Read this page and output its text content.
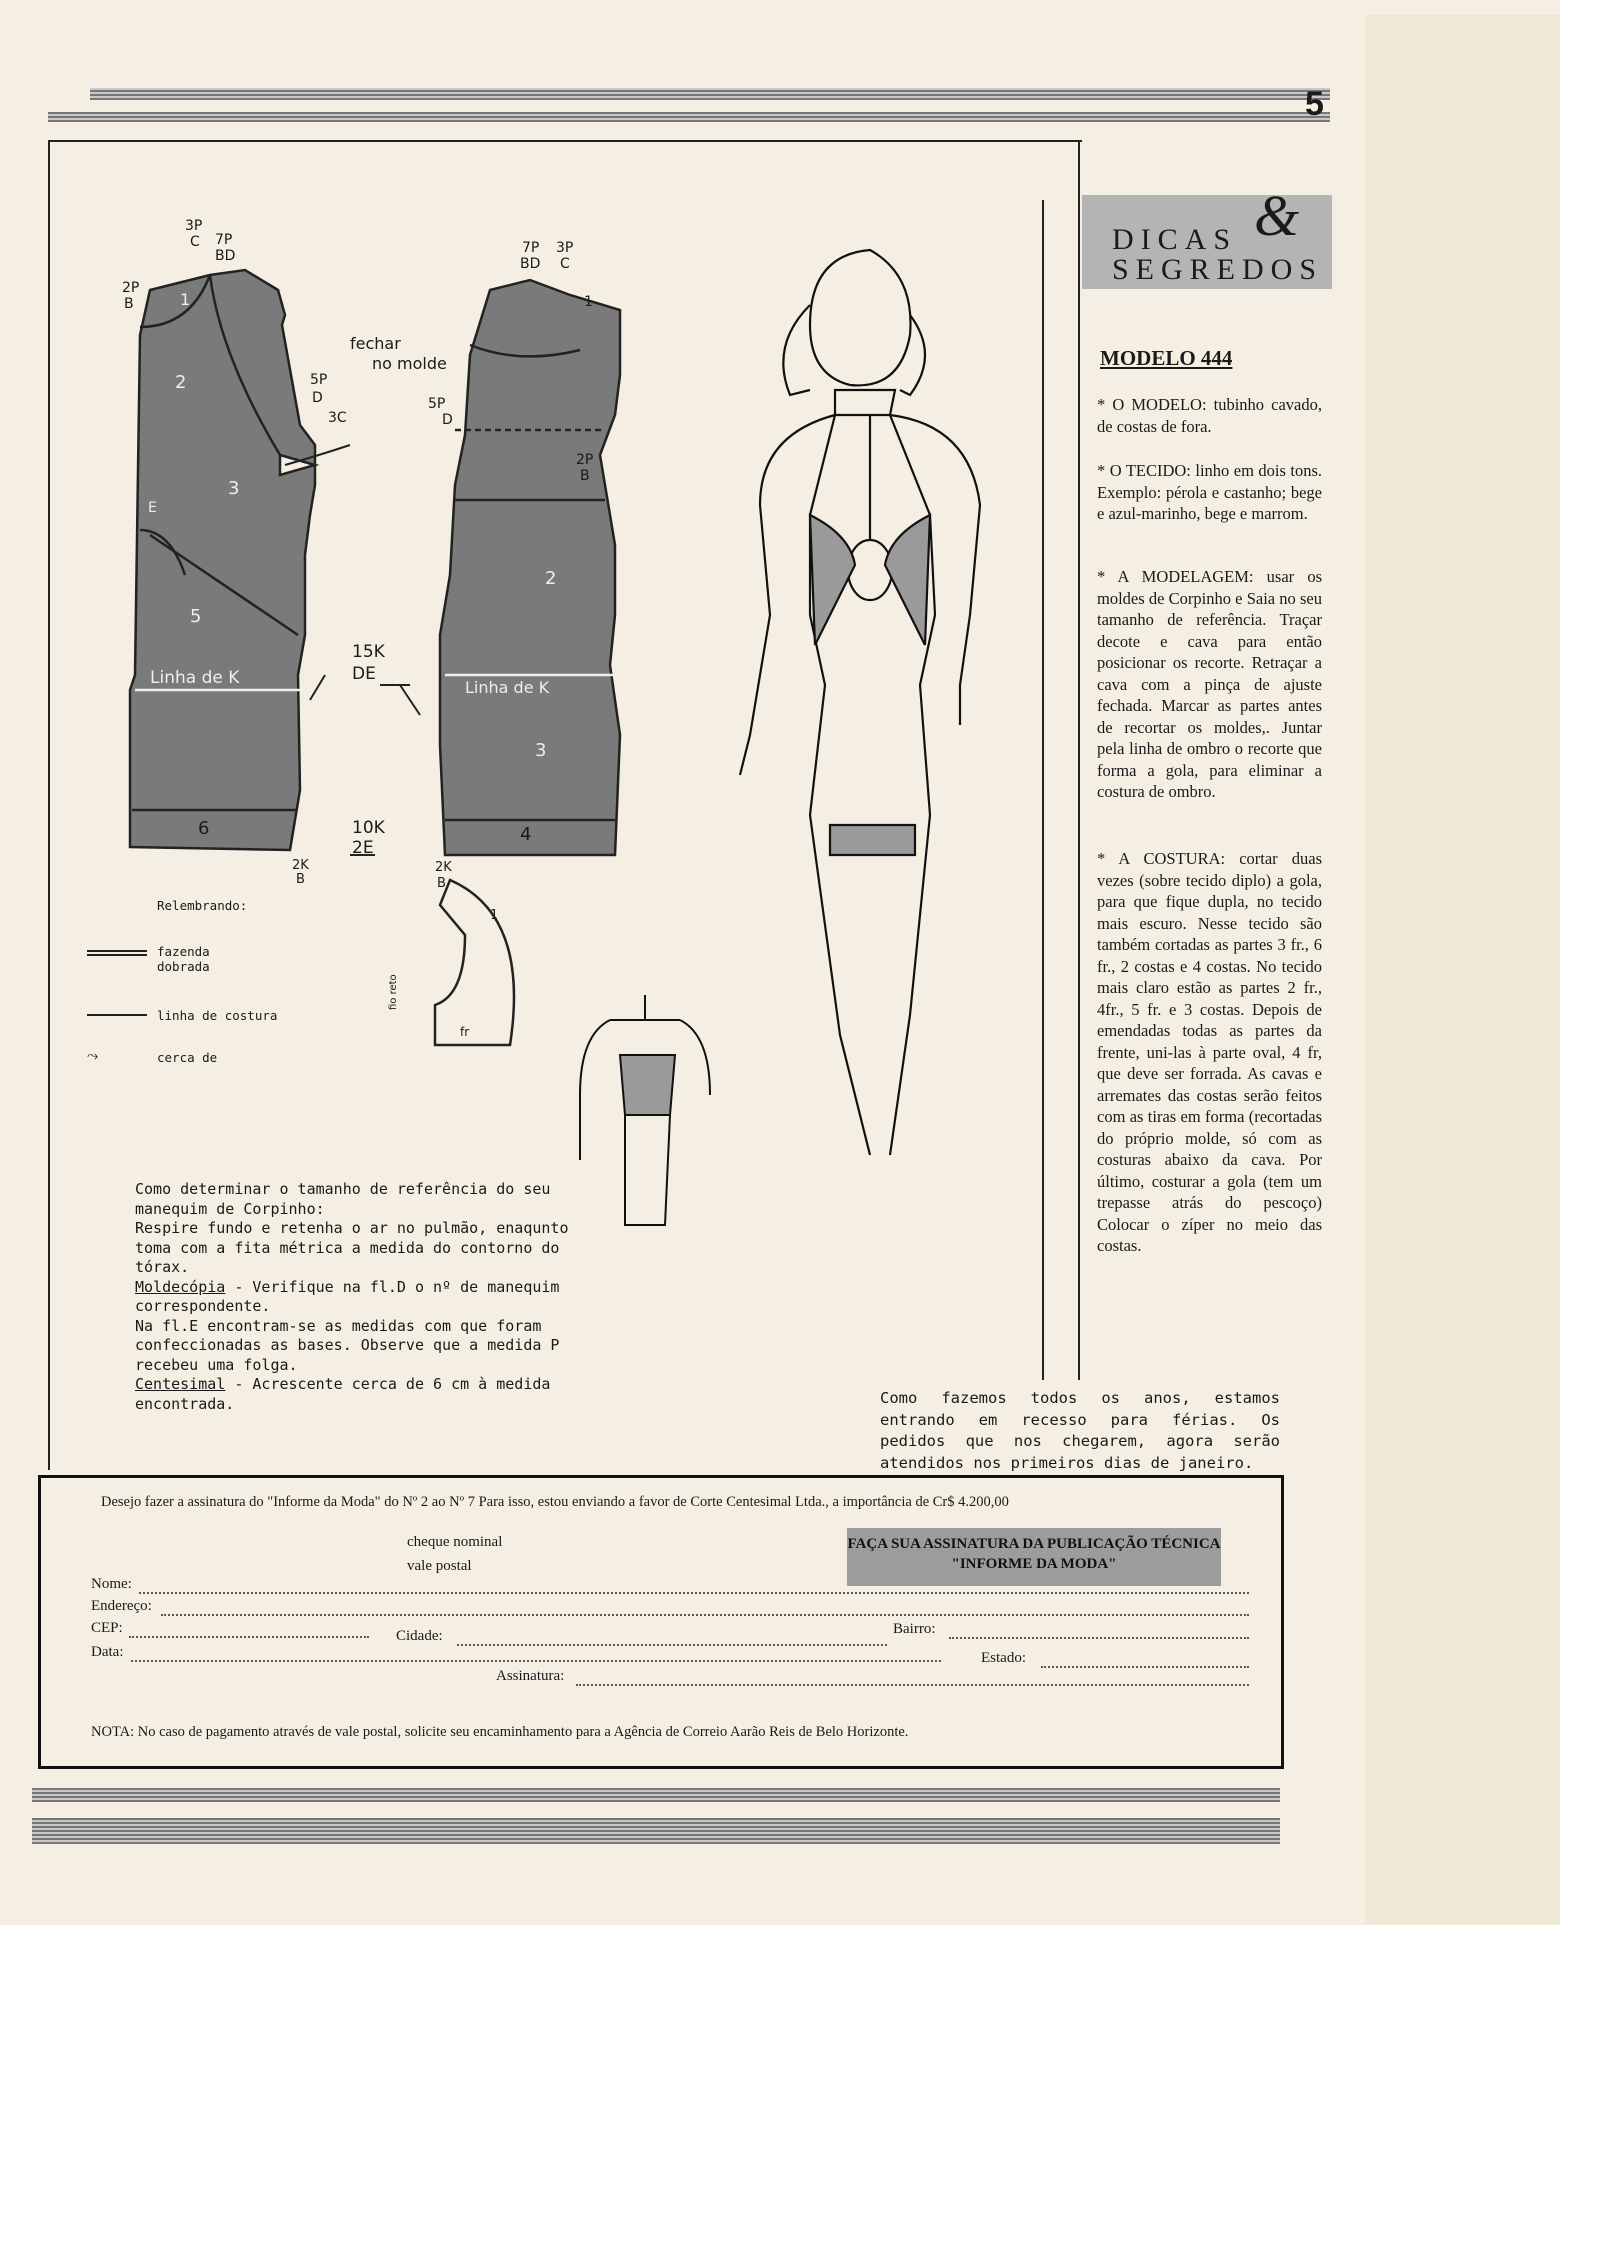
5
DICAS &
SEGREDOS
MODELO 444
* O MODELO: tubinho cavado, de costas de fora.
* O TECIDO: linho em dois tons. Exemplo: pérola e castanho; bege e azul-marinho, bege e marrom.
* A MODELAGEM: usar os moldes de Corpinho e Saia no seu tamanho de referência. Traçar decote e cava para então posicionar os recorte. Retraçar a cava com a pinça de ajuste fechada. Marcar as partes antes de recortar os moldes,. Juntar pela linha de ombro o recorte que forma a gola, para eliminar a costura de ombro.
* A COSTURA: cortar duas vezes (sobre tecido diplo) a gola, para que fique dupla, no tecido mais escuro. Nesse tecido são também cortadas as partes 3 fr., 6 fr., 2 costas e 4 costas. No tecido mais claro estão as partes 2 fr., 4fr., 5 fr. e 3 costas. Depois de emendadas todas as partes da frente, uni-las à parte oval, 4 fr, que deve ser forrada. As cavas e arremates das costas serão feitos com as tiras em forma (recortadas do próprio molde, só com as costuras abaixo da cava. Por último, costurar a gola (tem um trepasse atrás do pescoço) Colocar o zíper no meio das costas.
Como fazemos todos os anos, estamos entrando em recesso para férias. Os pedidos que nos chegarem, agora serão atendidos nos primeiros dias de janeiro.
3P
7P
BD
C
2P
B
fechar
no molde
5P
D
3C
1
2
3
5
6
Linha de K
E
2K
B
15K
DE
10K
2E
7P
BD
3P
C
5P
D
2P
B
1
2
3
4
Linha de K
2K
B
1
fr
fio reto
Relembrando:
fazenda dobrada
linha de costura
⤳	cerca de
Como determinar o tamanho de referência do seu manequim de Corpinho:
Respire fundo e retenha o ar no pulmão, enaqunto toma com a fita métrica a medida do contorno do tórax.
Moldecópia - Verifique na fl.D o nº de manequim correspondente.
Na fl.E encontram-se as medidas com que foram confeccionadas as bases. Observe que a medida P recebeu uma folga.
Centesimal - Acrescente cerca de 6 cm à medida encontrada.
Desejo fazer a assinatura do "Informe da Moda" do Nº 2 ao Nº 7 Para isso, estou enviando a favor de Corte Centesimal Ltda., a importância de Cr$ 4.200,00
cheque nominal
vale postal
FAÇA SUA ASSINATURA DA PUBLICAÇÃO TÉCNICA "INFORME DA MODA"
Nome:
Endereço:
CEP:	Cidade:	Bairro:
Data:	Estado:
Assinatura:
NOTA: No caso de pagamento através de vale postal, solicite seu encaminhamento para a Agência de Correio Aarão Reis de Belo Horizonte.
